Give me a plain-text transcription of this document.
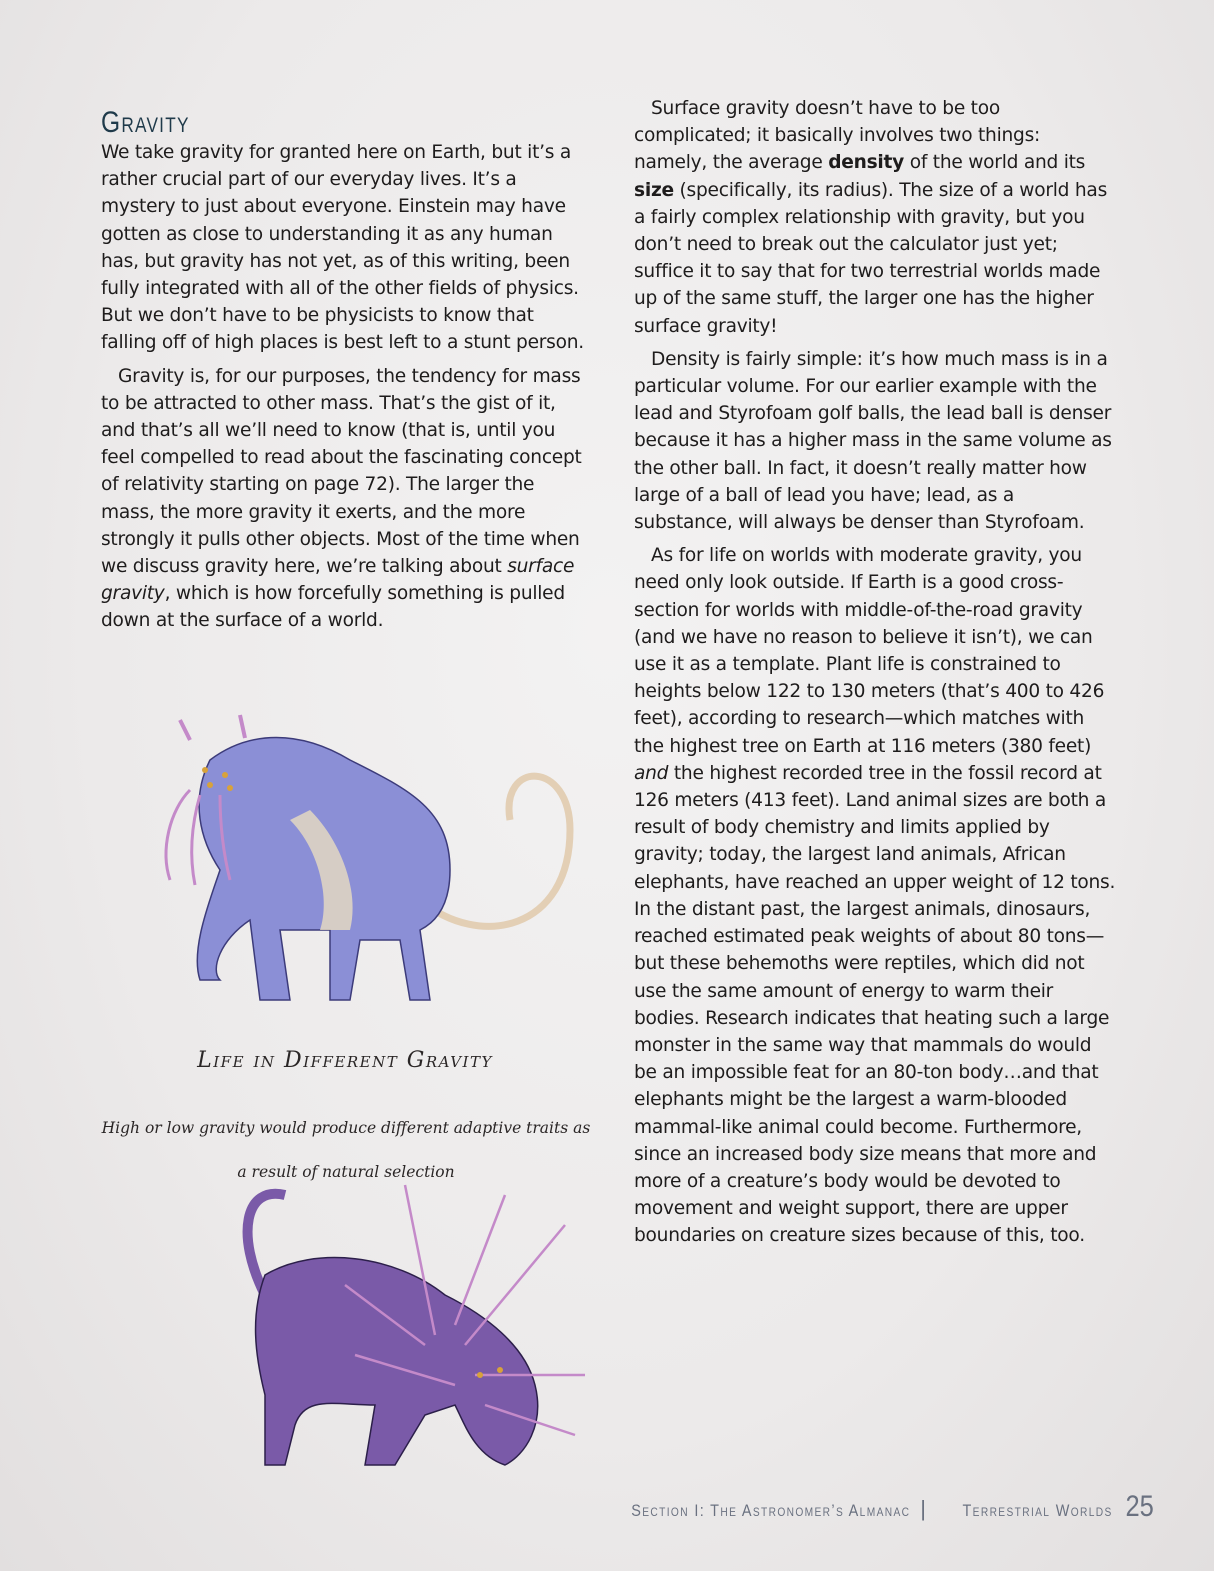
Gravity

We take gravity for granted here on Earth, but it’s a rather crucial part of our everyday lives. It’s a mystery to just about everyone. Einstein may have gotten as close to understanding it as any human has, but gravity has not yet, as of this writing, been fully integrated with all of the other fields of physics. But we don’t have to be physicists to know that falling off of high places is best left to a stunt person.

Gravity is, for our purposes, the tendency for mass to be attracted to other mass. That’s the gist of it, and that’s all we’ll need to know (that is, until you feel compelled to read about the fascinating concept of relativity starting on page 72). The larger the mass, the more gravity it exerts, and the more strongly it pulls other objects. Most of the time when we discuss gravity here, we’re talking about surface gravity, which is how forcefully something is pulled down at the surface of a world.

Life in Different Gravity
High or low gravity would produce different adaptive traits as a result of natural selection

Surface gravity doesn’t have to be too complicated; it basically involves two things: namely, the average density of the world and its size (specifically, its radius). The size of a world has a fairly complex relationship with gravity, but you don’t need to break out the calculator just yet; suffice it to say that for two terrestrial worlds made up of the same stuff, the larger one has the higher surface gravity!

Density is fairly simple: it’s how much mass is in a particular volume. For our earlier example with the lead and Styrofoam golf balls, the lead ball is denser because it has a higher mass in the same volume as the other ball. In fact, it doesn’t really matter how large of a ball of lead you have; lead, as a substance, will always be denser than Styrofoam.

As for life on worlds with moderate gravity, you need only look outside. If Earth is a good cross-section for worlds with middle-of-the-road gravity (and we have no reason to believe it isn’t), we can use it as a template. Plant life is constrained to heights below 122 to 130 meters (that’s 400 to 426 feet), according to research—which matches with the highest tree on Earth at 116 meters (380 feet) and the highest recorded tree in the fossil record at 126 meters (413 feet). Land animal sizes are both a result of body chemistry and limits applied by gravity; today, the largest land animals, African elephants, have reached an upper weight of 12 tons. In the distant past, the largest animals, dinosaurs, reached estimated peak weights of about 80 tons—but these behemoths were reptiles, which did not use the same amount of energy to warm their bodies. Research indicates that heating such a large monster in the same way that mammals do would be an impossible feat for an 80-ton body…and that elephants might be the largest a warm-blooded mammal-like animal could become. Furthermore, since an increased body size means that more and more of a creature’s body would be devoted to movement and weight support, there are upper boundaries on creature sizes because of this, too.

Section I: The Astronomer’s Almanac | Terrestrial Worlds 25
